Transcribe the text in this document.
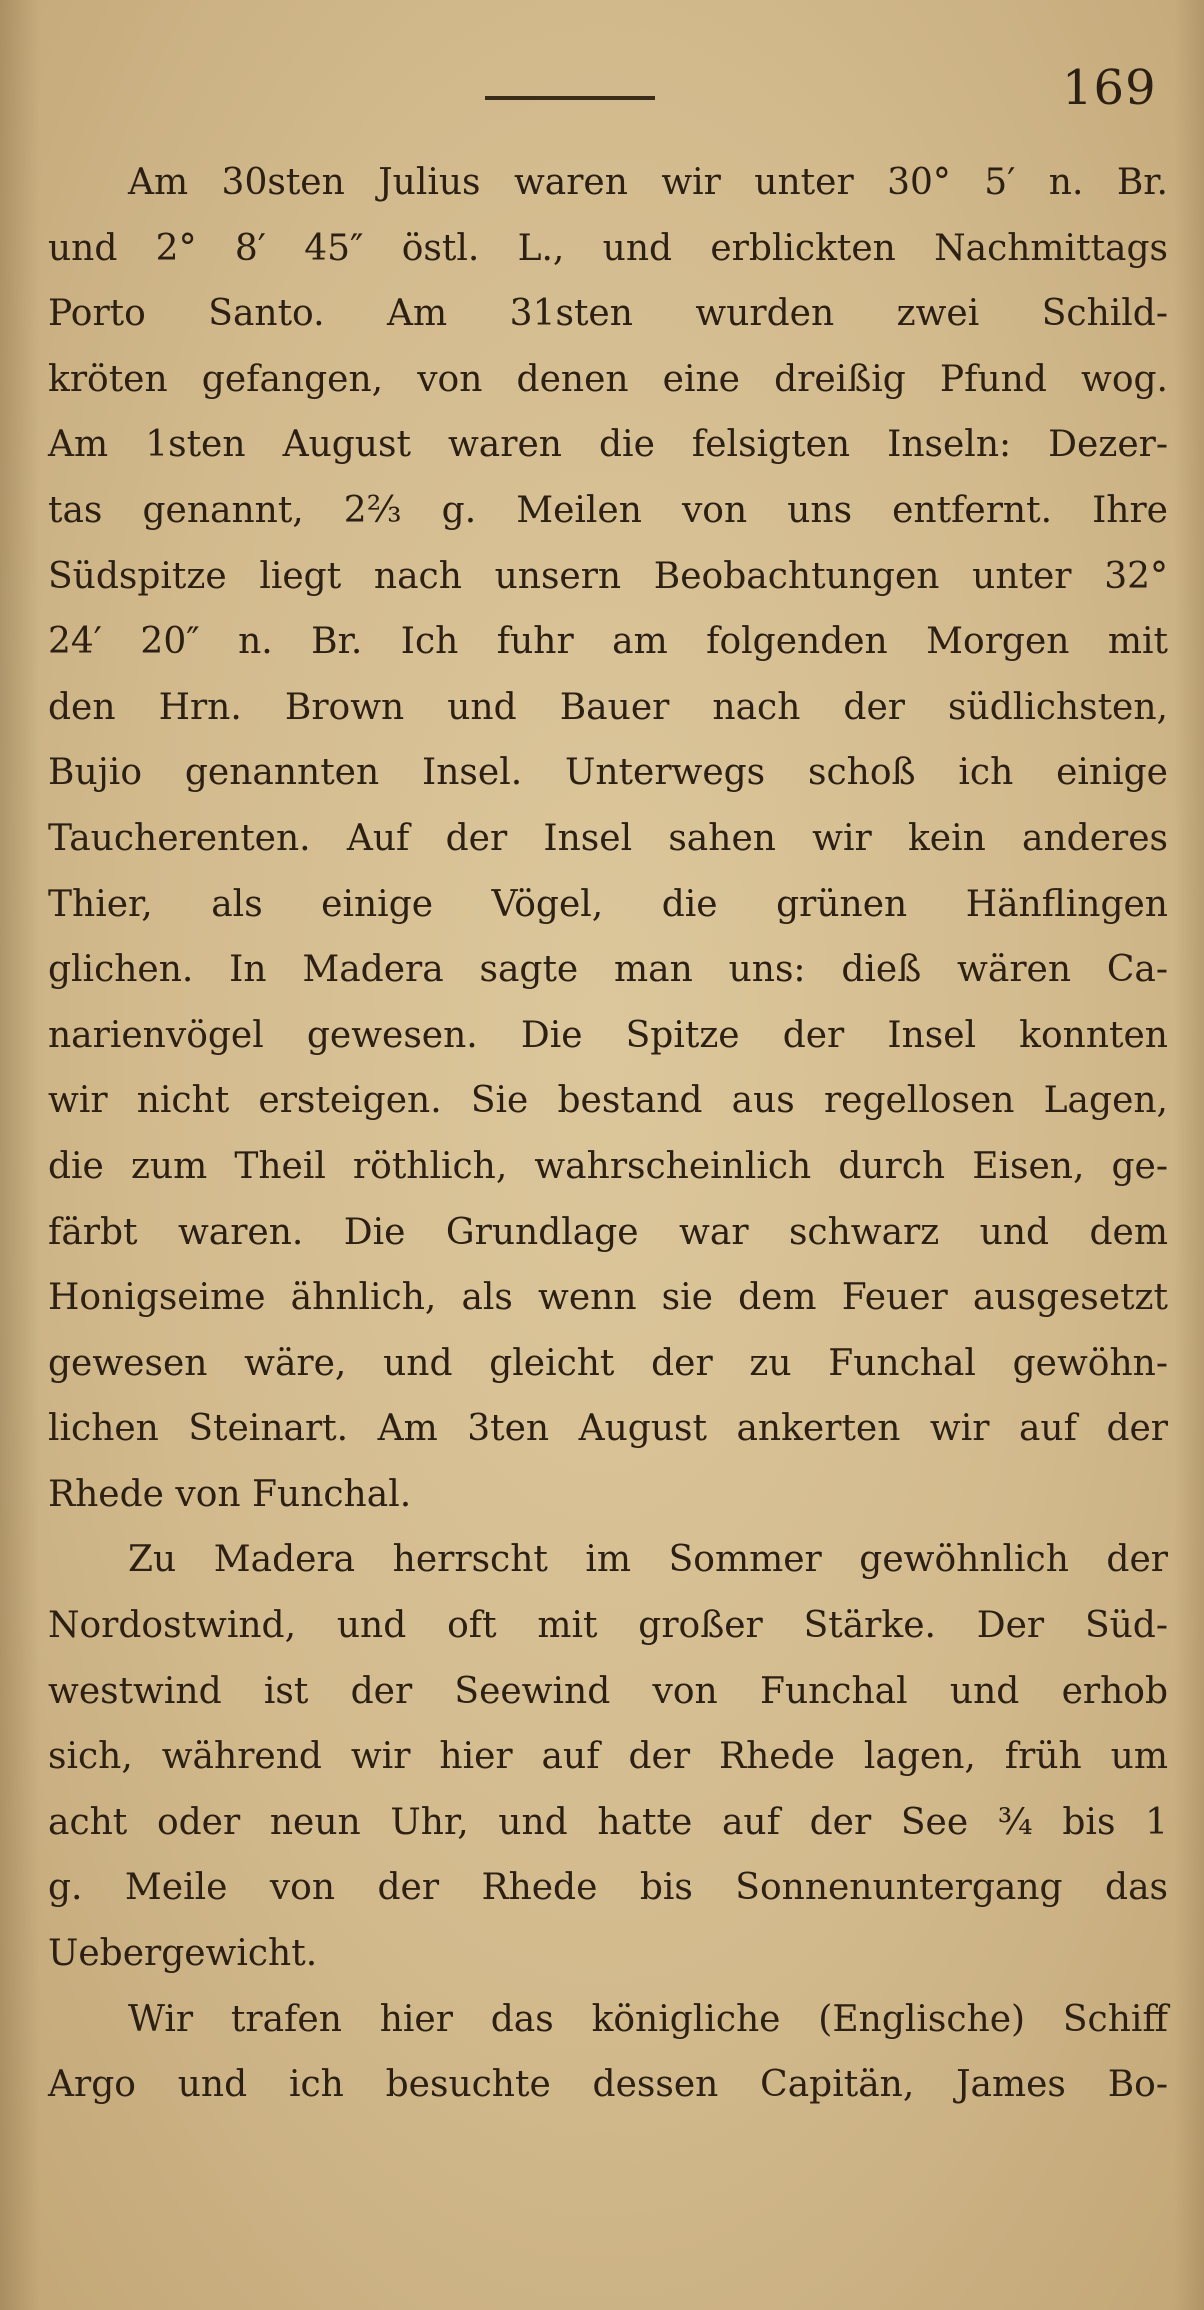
169
Am 30sten Julius waren wir unter 30° 5′ n. Br.
und 2° 8′ 45″ östl. L., und erblickten Nachmittags
Porto Santo. Am 31sten wurden zwei Schild-
kröten gefangen, von denen eine dreißig Pfund wog.
Am 1sten August waren die felsigten Inseln: Dezer-
tas genannt, 2⅔ g. Meilen von uns entfernt. Ihre
Südspitze liegt nach unsern Beobachtungen unter 32°
24′ 20″ n. Br. Ich fuhr am folgenden Morgen mit
den Hrn. Brown und Bauer nach der südlichsten,
Bujio genannten Insel. Unterwegs schoß ich einige
Taucherenten. Auf der Insel sahen wir kein anderes
Thier, als einige Vögel, die grünen Hänflingen
glichen. In Madera sagte man uns: dieß wären Ca-
narienvögel gewesen. Die Spitze der Insel konnten
wir nicht ersteigen. Sie bestand aus regellosen Lagen,
die zum Theil röthlich, wahrscheinlich durch Eisen, ge-
färbt waren. Die Grundlage war schwarz und dem
Honigseime ähnlich, als wenn sie dem Feuer ausgesetzt
gewesen wäre, und gleicht der zu Funchal gewöhn-
lichen Steinart. Am 3ten August ankerten wir auf der
Rhede von Funchal.
Zu Madera herrscht im Sommer gewöhnlich der
Nordostwind, und oft mit großer Stärke. Der Süd-
westwind ist der Seewind von Funchal und erhob
sich, während wir hier auf der Rhede lagen, früh um
acht oder neun Uhr, und hatte auf der See ¾ bis 1
g. Meile von der Rhede bis Sonnenuntergang das
Uebergewicht.
Wir trafen hier das königliche (Englische) Schiff
Argo und ich besuchte dessen Capitän, James Bo-
